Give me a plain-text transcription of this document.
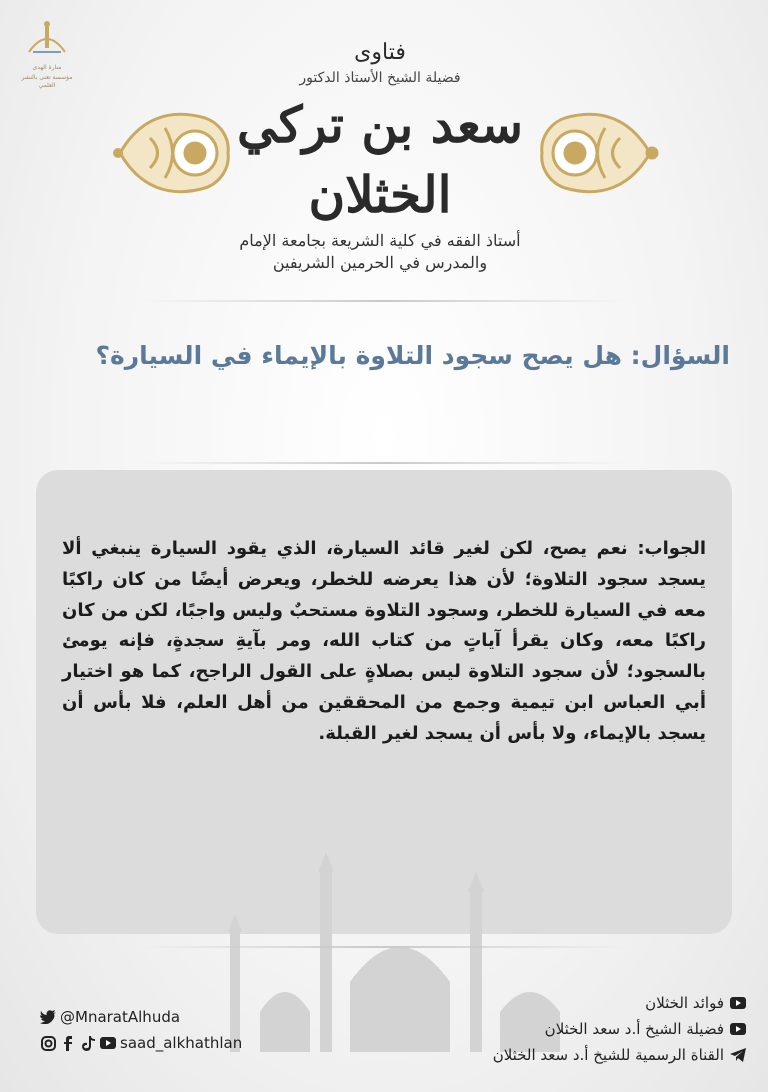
منارة الهدى
مؤسسة تعنى بالنشر العلمي
فتاوى
فضيلة الشيخ الأستاذ الدكتور
سعد بن تركي الخثلان
أستاذ الفقه في كلية الشريعة بجامعة الإمام
والمدرس في الحرمين الشريفين
السؤال: هل يصح سجود التلاوة بالإيماء في السيارة؟
الجواب: نعم يصح، لكن لغير قائد السيارة، الذي يقود السيارة ينبغي ألا يسجد سجود التلاوة؛ لأن هذا يعرضه للخطر، ويعرض أيضًا من كان راكبًا معه في السيارة للخطر، وسجود التلاوة مستحبٌ وليس واجبًا، لكن من كان راكبًا معه، وكان يقرأ آياتٍ من كتاب الله، ومر بآيةِ سجدةٍ، فإنه يومئ بالسجود؛ لأن سجود التلاوة ليس بصلاةٍ على القول الراجح، كما هو اختيار أبي العباس ابن تيمية وجمع من المحققين من أهل العلم، فلا بأس أن يسجد بالإيماء، ولا بأس أن يسجد لغير القبلة.
@MnaratAlhuda
saad_alkhathlan
فوائد الخثلان
فضيلة الشيخ أ.د سعد الخثلان
القناة الرسمية للشيخ أ.د سعد الخثلان
